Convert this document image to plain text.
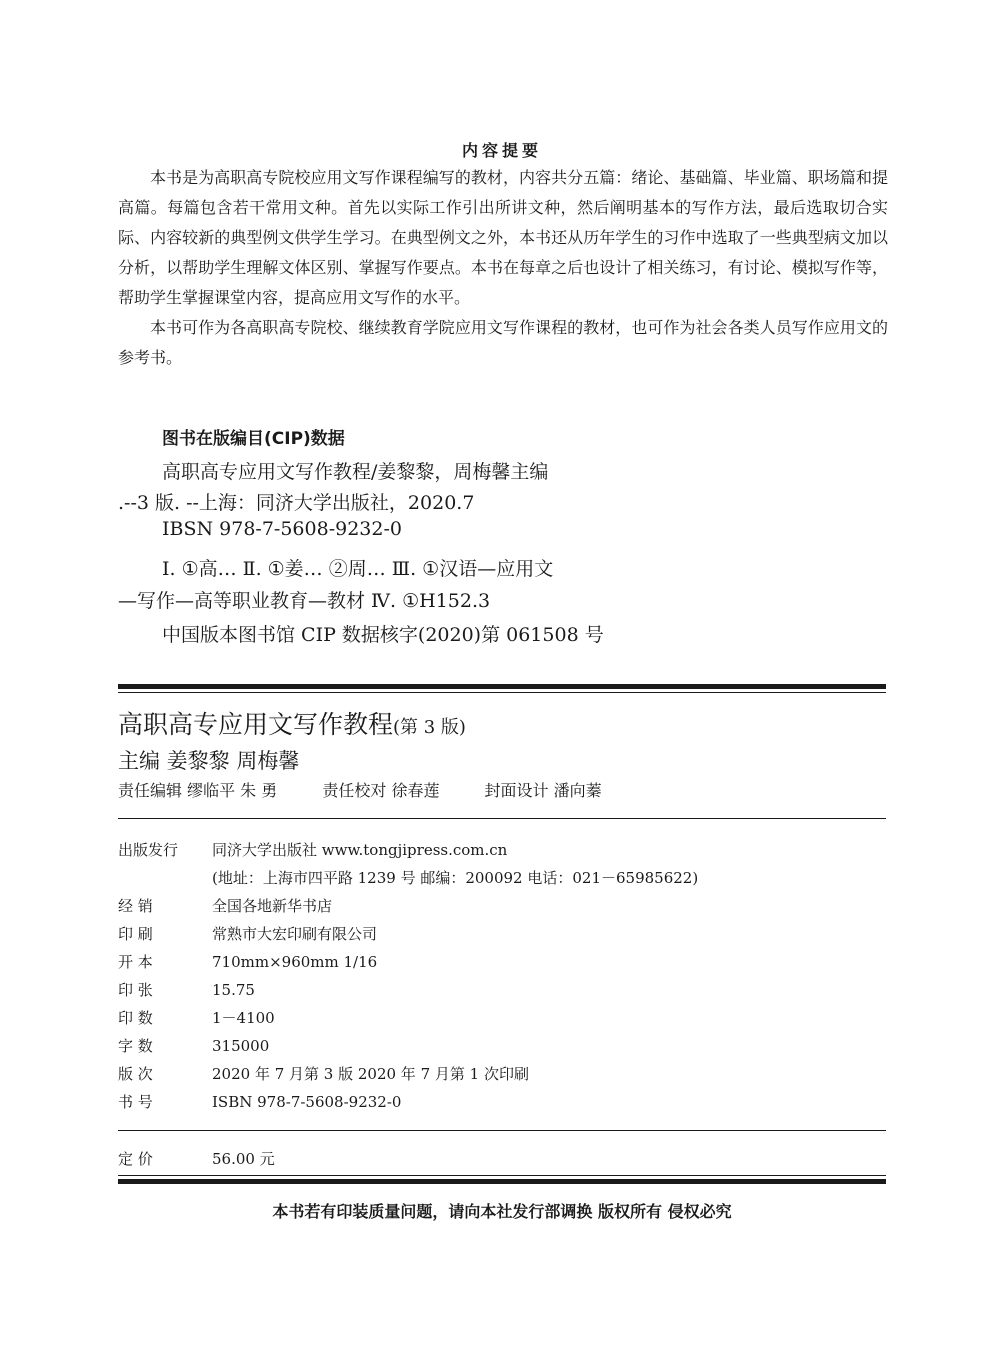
内容提要

本书是为高职高专院校应用文写作课程编写的教材，内容共分五篇：绪论、基础篇、毕业篇、职场篇和提高篇。每篇包含若干常用文种。首先以实际工作引出所讲文种，然后阐明基本的写作方法，最后选取切合实际、内容较新的典型例文供学生学习。在典型例文之外，本书还从历年学生的习作中选取了一些典型病文加以分析，以帮助学生理解文体区别、掌握写作要点。本书在每章之后也设计了相关练习，有讨论、模拟写作等，帮助学生掌握课堂内容，提高应用文写作的水平。

本书可作为各高职高专院校、继续教育学院应用文写作课程的教材，也可作为社会各类人员写作应用文的参考书。

图书在版编目(CIP)数据
高职高专应用文写作教程/姜黎黎，周梅馨主编
.--3 版. --上海：同济大学出版社，2020.7
IBSN 978-7-5608-9232-0
Ⅰ. ①高… Ⅱ. ①姜… ②周… Ⅲ. ①汉语—应用文
—写作—高等职业教育—教材 Ⅳ. ①H152.3
中国版本图书馆 CIP 数据核字(2020)第 061508 号
高职高专应用文写作教程(第 3 版)
主编 姜黎黎 周梅馨
责任编辑 缪临平 朱 勇	责任校对 徐春莲	封面设计 潘向蓁
出版发行 同济大学出版社 www.tongjipress.com.cn
(地址：上海市四平路 1239 号 邮编：200092 电话：021－65985622)
经 销	全国各地新华书店
印 刷	常熟市大宏印刷有限公司
开 本	710mm×960mm 1/16
印 张	15.75
印 数	1－4100
字 数	315000
版 次	2020 年 7 月第 3 版 2020 年 7 月第 1 次印刷
书 号	ISBN 978-7-5608-9232-0
定 价	56.00 元
本书若有印装质量问题，请向本社发行部调换 版权所有 侵权必究
